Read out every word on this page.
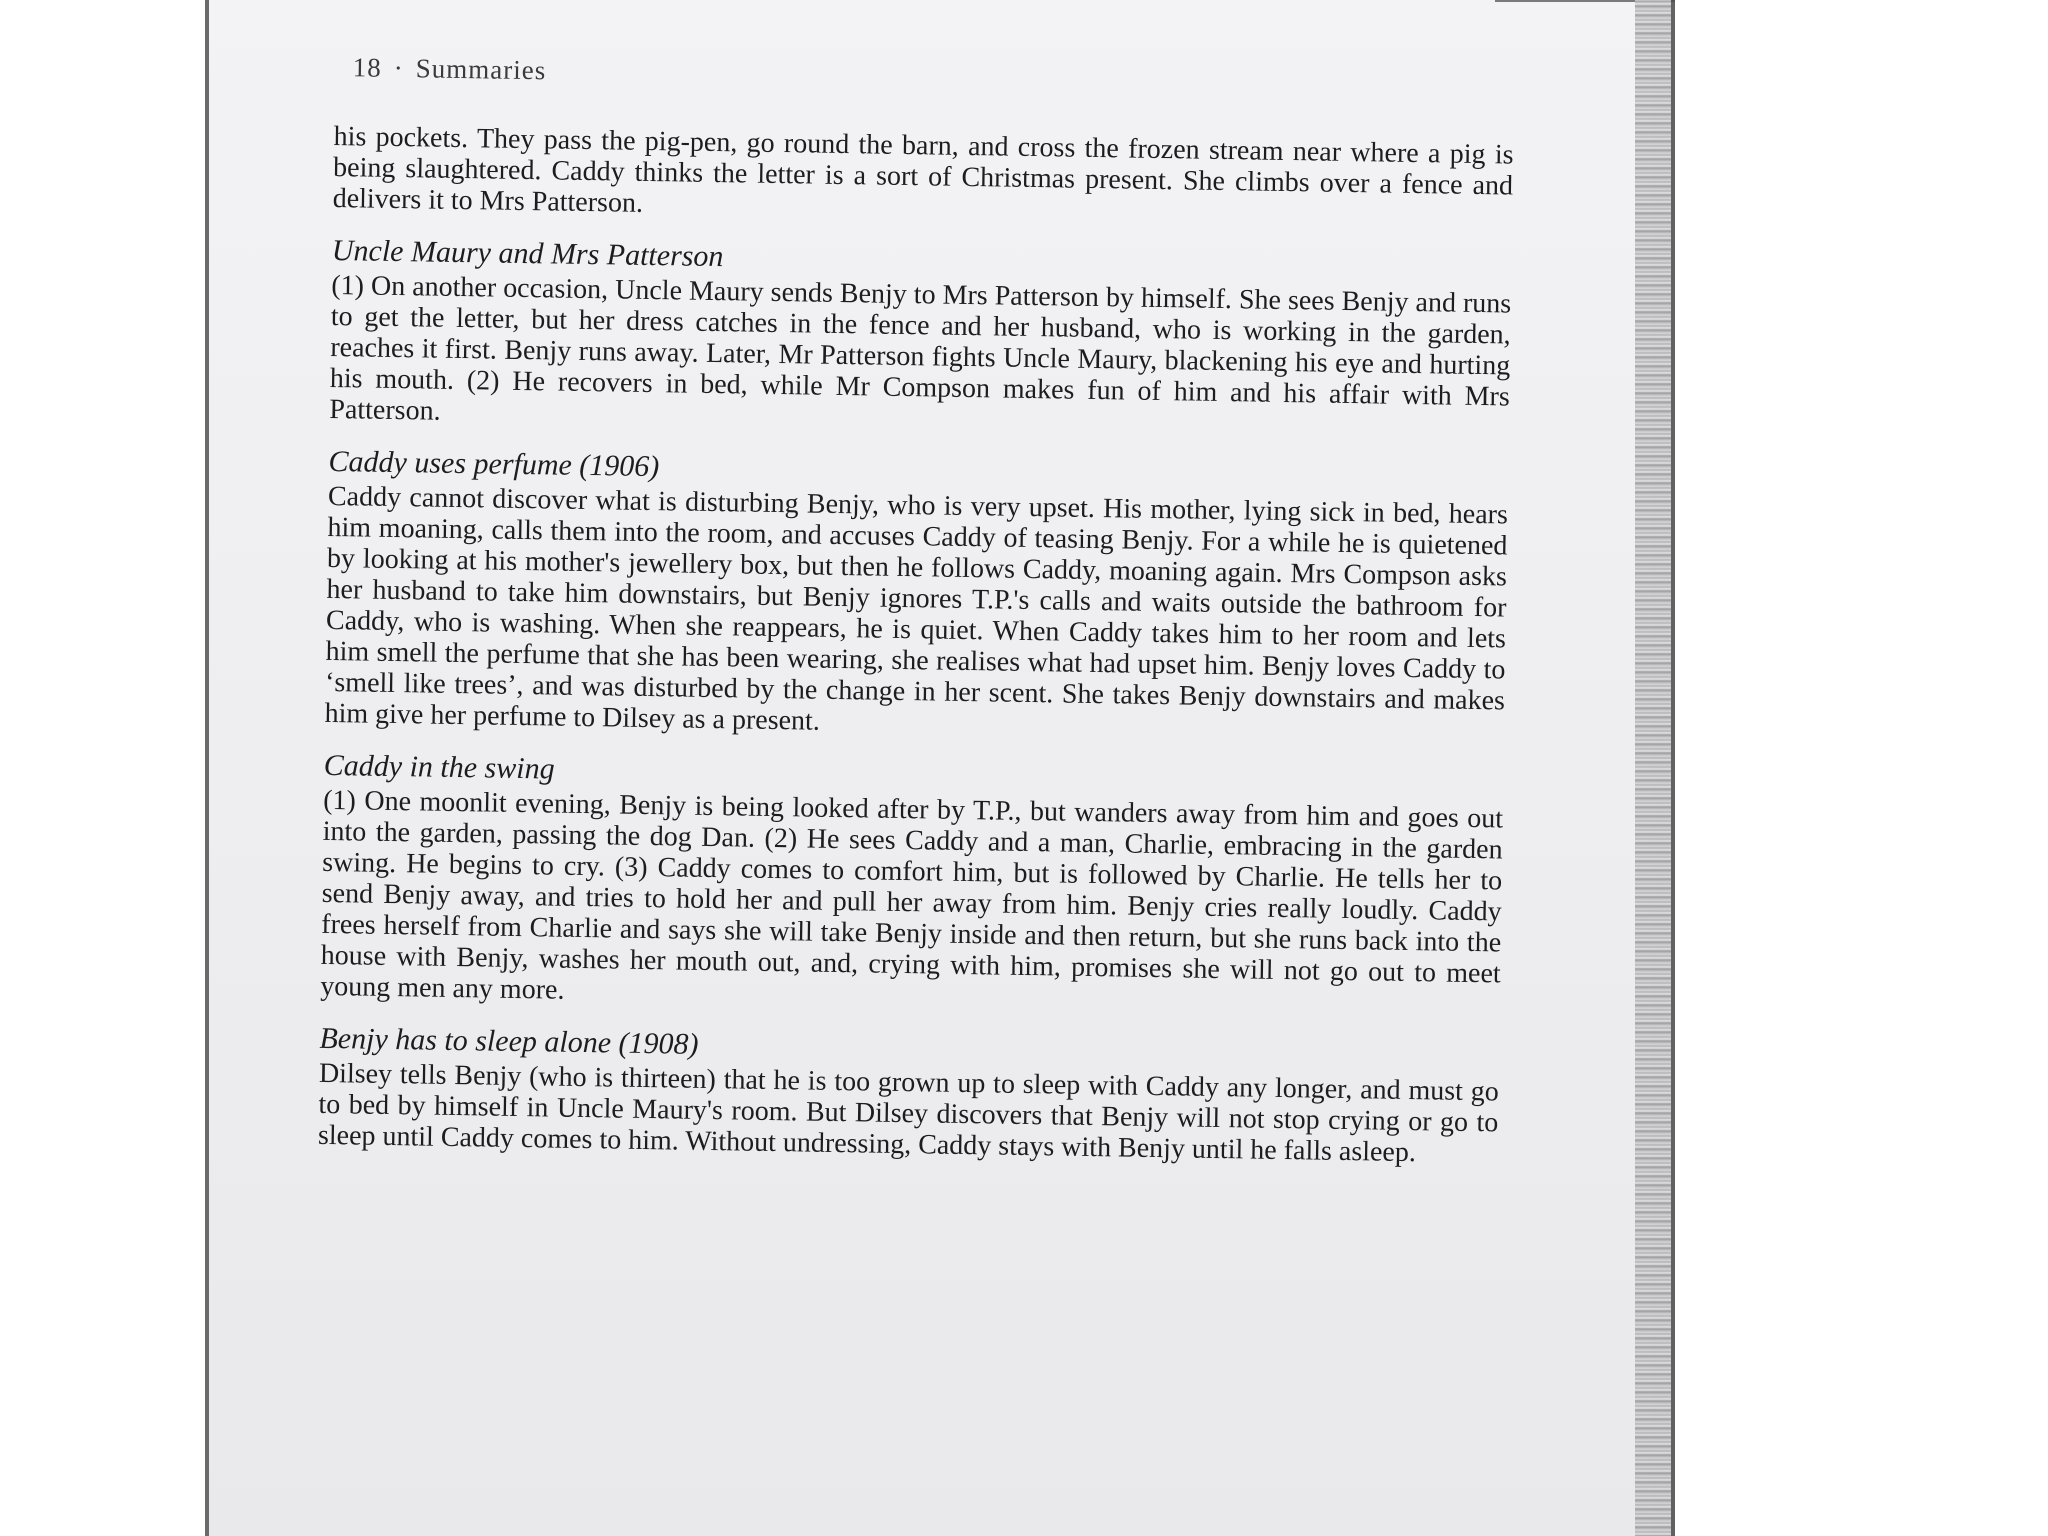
18 · Summaries

his pockets. They pass the pig-pen, go round the barn, and cross the frozen stream near where a pig is being slaughtered. Caddy thinks the letter is a sort of Christmas present. She climbs over a fence and delivers it to Mrs Patterson.

Uncle Maury and Mrs Patterson

(1) On another occasion, Uncle Maury sends Benjy to Mrs Patterson by himself. She sees Benjy and runs to get the letter, but her dress catches in the fence and her husband, who is working in the garden, reaches it first. Benjy runs away. Later, Mr Patterson fights Uncle Maury, blackening his eye and hurting his mouth. (2) He recovers in bed, while Mr Compson makes fun of him and his affair with Mrs Patterson.

Caddy uses perfume (1906)

Caddy cannot discover what is disturbing Benjy, who is very upset. His mother, lying sick in bed, hears him moaning, calls them into the room, and accuses Caddy of teasing Benjy. For a while he is quietened by looking at his mother's jewellery box, but then he follows Caddy, moaning again. Mrs Compson asks her husband to take him downstairs, but Benjy ignores T.P.'s calls and waits outside the bathroom for Caddy, who is washing. When she reappears, he is quiet. When Caddy takes him to her room and lets him smell the perfume that she has been wearing, she realises what had upset him. Benjy loves Caddy to ‘smell like trees’, and was disturbed by the change in her scent. She takes Benjy downstairs and makes him give her perfume to Dilsey as a present.

Caddy in the swing

(1) One moonlit evening, Benjy is being looked after by T.P., but wanders away from him and goes out into the garden, passing the dog Dan. (2) He sees Caddy and a man, Charlie, embracing in the garden swing. He begins to cry. (3) Caddy comes to comfort him, but is followed by Charlie. He tells her to send Benjy away, and tries to hold her and pull her away from him. Benjy cries really loudly. Caddy frees herself from Charlie and says she will take Benjy inside and then return, but she runs back into the house with Benjy, washes her mouth out, and, crying with him, promises she will not go out to meet young men any more.

Benjy has to sleep alone (1908)

Dilsey tells Benjy (who is thirteen) that he is too grown up to sleep with Caddy any longer, and must go to bed by himself in Uncle Maury's room. But Dilsey discovers that Benjy will not stop crying or go to sleep until Caddy comes to him. Without undressing, Caddy stays with Benjy until he falls asleep.
